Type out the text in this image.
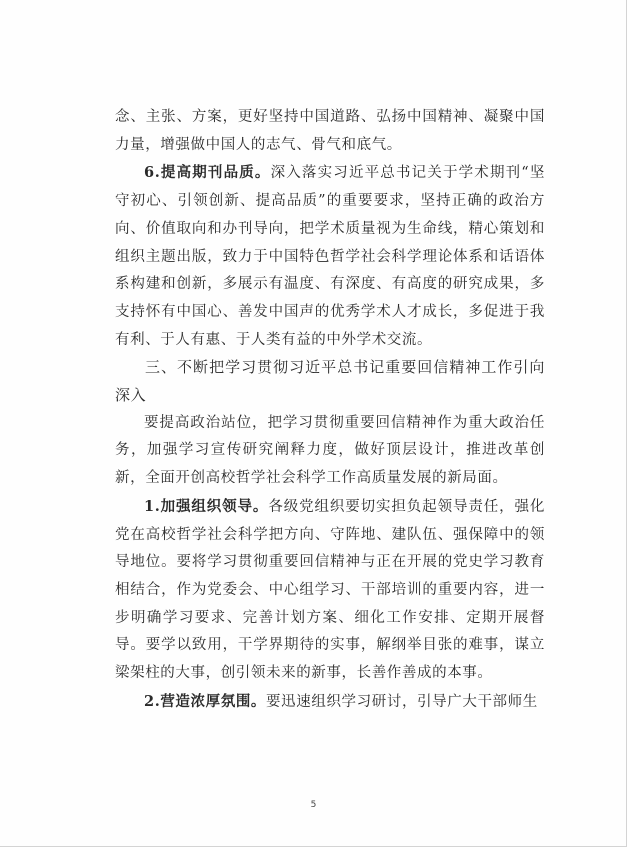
念、主张、方案，更好坚持中国道路、弘扬中国精神、凝聚中国力量，增强做中国人的志气、骨气和底气。

6.提高期刊品质。深入落实习近平总书记关于学术期刊“坚守初心、引领创新、提高品质”的重要要求，坚持正确的政治方向、价值取向和办刊导向，把学术质量视为生命线，精心策划和组织主题出版，致力于中国特色哲学社会科学理论体系和话语体系构建和创新，多展示有温度、有深度、有高度的研究成果，多支持怀有中国心、善发中国声的优秀学术人才成长，多促进于我有利、于人有惠、于人类有益的中外学术交流。

三、不断把学习贯彻习近平总书记重要回信精神工作引向深入

要提高政治站位，把学习贯彻重要回信精神作为重大政治任务，加强学习宣传研究阐释力度，做好顶层设计，推进改革创新，全面开创高校哲学社会科学工作高质量发展的新局面。

1.加强组织领导。各级党组织要切实担负起领导责任，强化党在高校哲学社会科学把方向、守阵地、建队伍、强保障中的领导地位。要将学习贯彻重要回信精神与正在开展的党史学习教育相结合，作为党委会、中心组学习、干部培训的重要内容，进一步明确学习要求、完善计划方案、细化工作安排、定期开展督导。要学以致用，干学界期待的实事，解纲举目张的难事，谋立梁架柱的大事，创引领未来的新事，长善作善成的本事。

2.营造浓厚氛围。要迅速组织学习研讨，引导广大干部师生

5
